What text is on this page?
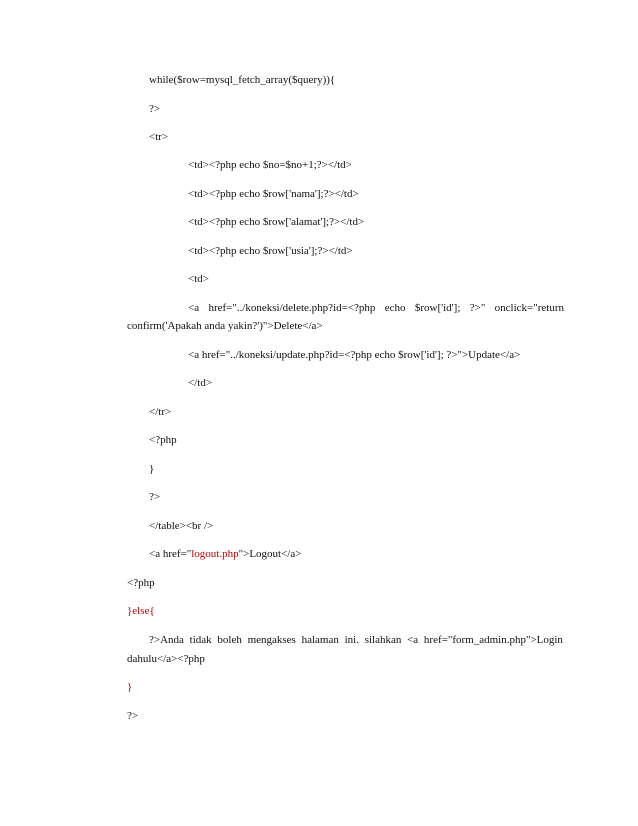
while($row=mysql_fetch_array($query)){
?>
<tr>
<td><?php echo $no=$no+1;?></td>
<td><?php echo $row['nama'];?></td>
<td><?php echo $row['alamat'];?></td>
<td><?php echo $row['usia'];?></td>
<td>
<a href="../koneksi/delete.php?id=<?php echo $row['id']; ?>" onclick="return
confirm('Apakah anda yakin?')">Delete</a>
<a href="../koneksi/update.php?id=<?php echo $row['id']; ?>">Update</a>
</td>
</tr>
<?php
}
?>
</table><br />
<a href="logout.php">Logout</a>
<?php
}else{
?>Anda tidak boleh mengakses halaman ini. silahkan <a href="form_admin.php">Login
dahulu</a><?php
}
?>
